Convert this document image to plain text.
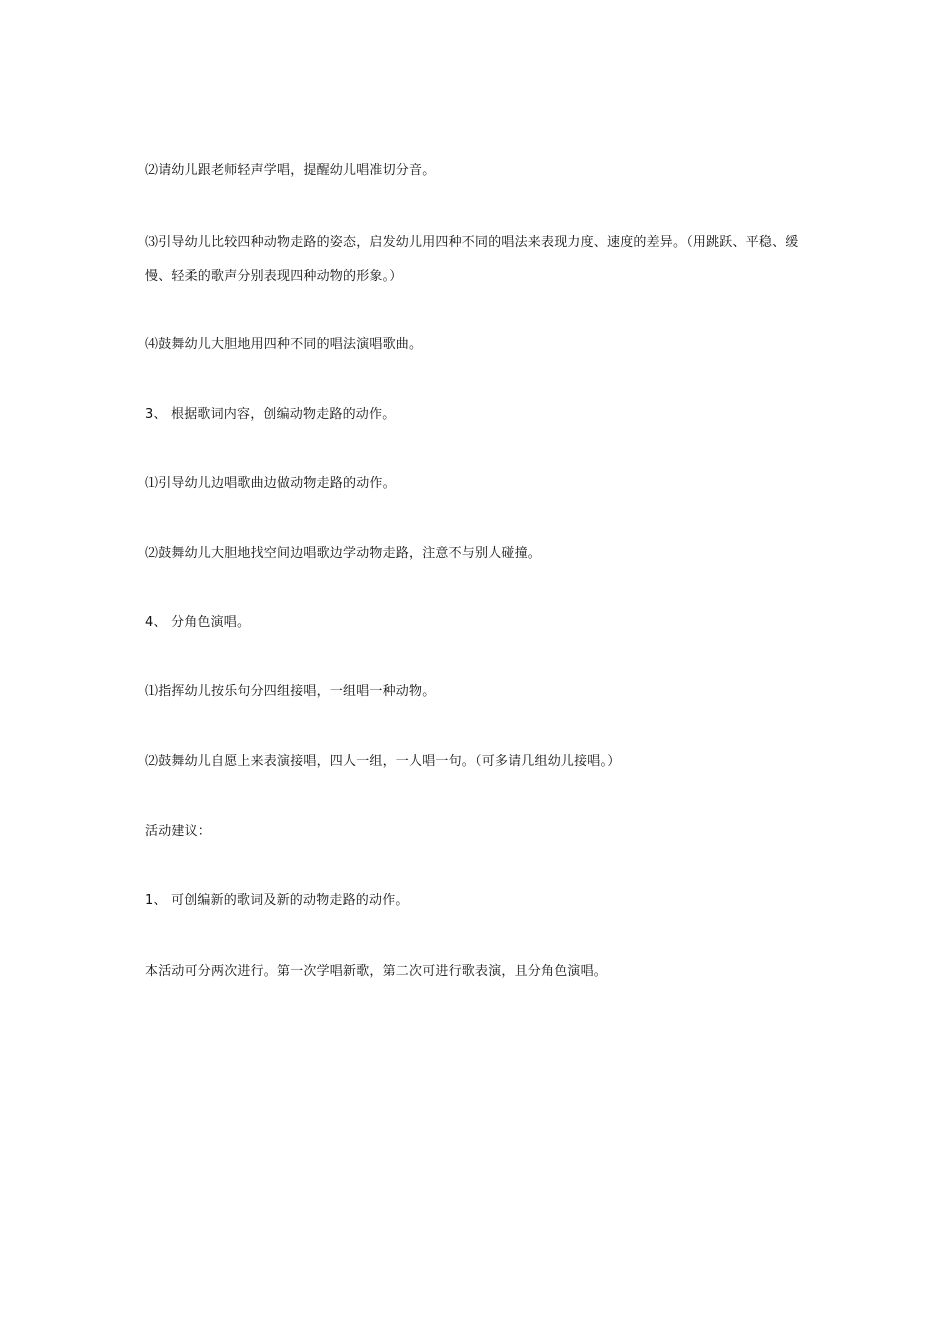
⑵请幼儿跟老师轻声学唱，提醒幼儿唱准切分音。
⑶引导幼儿比较四种动物走路的姿态，启发幼儿用四种不同的唱法来表现力度、速度的差异。（用跳跃、平稳、缓慢、轻柔的歌声分别表现四种动物的形象。）
⑷鼓舞幼儿大胆地用四种不同的唱法演唱歌曲。
3、 根据歌词内容，创编动物走路的动作。
⑴引导幼儿边唱歌曲边做动物走路的动作。
⑵鼓舞幼儿大胆地找空间边唱歌边学动物走路，注意不与别人碰撞。
4、 分角色演唱。
⑴指挥幼儿按乐句分四组接唱，一组唱一种动物。
⑵鼓舞幼儿自愿上来表演接唱，四人一组，一人唱一句。（可多请几组幼儿接唱。）
活动建议：
1、 可创编新的歌词及新的动物走路的动作。
本活动可分两次进行。第一次学唱新歌，第二次可进行歌表演，且分角色演唱。
